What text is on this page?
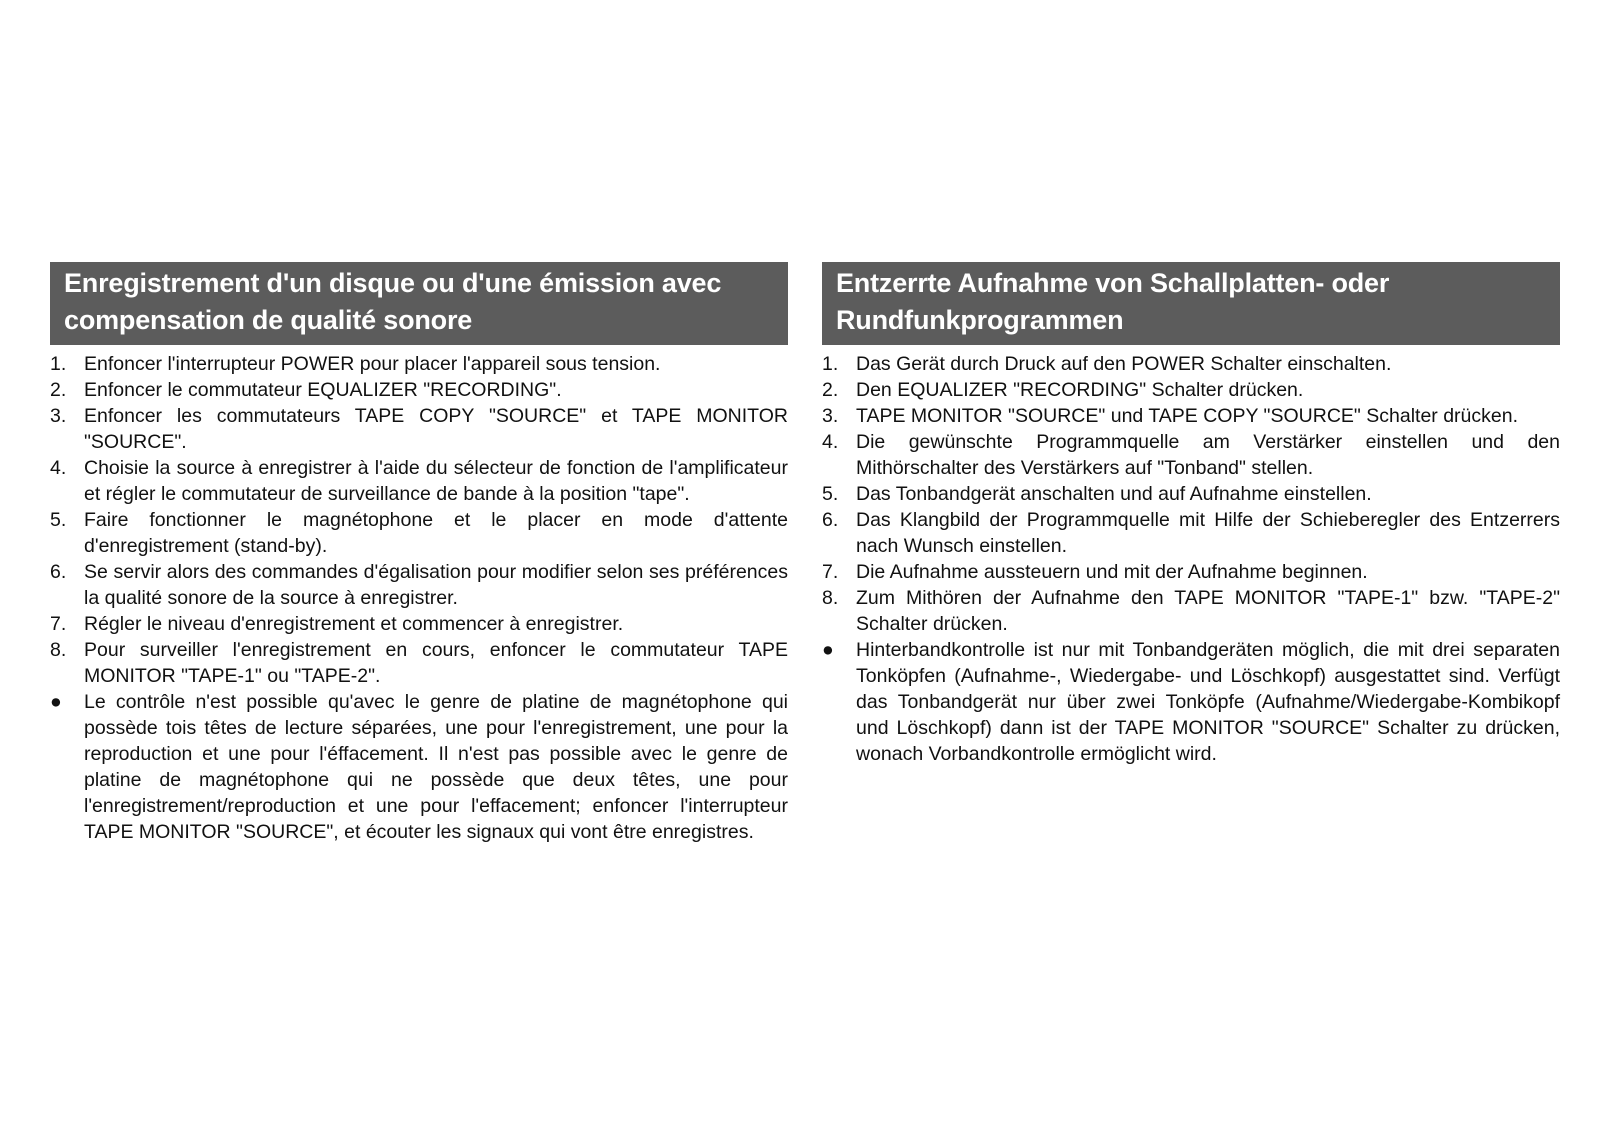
Enregistrement d'un disque ou d'une émission avec compensation de qualité sonore
1. Enfoncer l'interrupteur POWER pour placer l'appareil sous tension.
2. Enfoncer le commutateur EQUALIZER "RECORDING".
3. Enfoncer les commutateurs TAPE COPY "SOURCE" et TAPE MONITOR "SOURCE".
4. Choisie la source à enregistrer à l'aide du sélecteur de fonction de l'amplificateur et régler le commutateur de surveillance de bande à la position "tape".
5. Faire fonctionner le magnétophone et le placer en mode d'attente d'enregistrement (stand-by).
6. Se servir alors des commandes d'égalisation pour modifier selon ses préférences la qualité sonore de la source à enregistrer.
7. Régler le niveau d'enregistrement et commencer à enregistrer.
8. Pour surveiller l'enregistrement en cours, enfoncer le commutateur TAPE MONITOR "TAPE-1" ou "TAPE-2".
●	Le contrôle n'est possible qu'avec le genre de platine de magnétophone qui possède tois têtes de lecture séparées, une pour l'enregistrement, une pour la reproduction et une pour l'éffacement. Il n'est pas possible avec le genre de platine de magnétophone qui ne possède que deux têtes, une pour l'enregistrement/reproduction et une pour l'effacement; enfoncer l'interrupteur TAPE MONITOR "SOURCE", et écouter les signaux qui vont être enregistres.
Entzerrte Aufnahme von Schallplatten- oder Rundfunkprogrammen
1. Das Gerät durch Druck auf den POWER Schalter einschalten.
2. Den EQUALIZER "RECORDING" Schalter drücken.
3. TAPE MONITOR "SOURCE" und TAPE COPY "SOURCE" Schalter drücken.
4. Die gewünschte Programmquelle am Verstärker einstellen und den Mithörschalter des Verstärkers auf "Tonband" stellen.
5. Das Tonbandgerät anschalten und auf Aufnahme einstellen.
6. Das Klangbild der Programmquelle mit Hilfe der Schieberegler des Entzerrers nach Wunsch einstellen.
7. Die Aufnahme aussteuern und mit der Aufnahme beginnen.
8. Zum Mithören der Aufnahme den TAPE MONITOR "TAPE-1" bzw. "TAPE-2" Schalter drücken.
●	Hinterbandkontrolle ist nur mit Tonbandgeräten möglich, die mit drei separaten Tonköpfen (Aufnahme-, Wiedergabe- und Löschkopf) ausgestattet sind. Verfügt das Tonbandgerät nur über zwei Tonköpfe (Aufnahme/Wiedergabe-Kombikopf und Löschkopf) dann ist der TAPE MONITOR "SOURCE" Schalter zu drücken, wonach Vorbandkontrolle ermöglicht wird.
